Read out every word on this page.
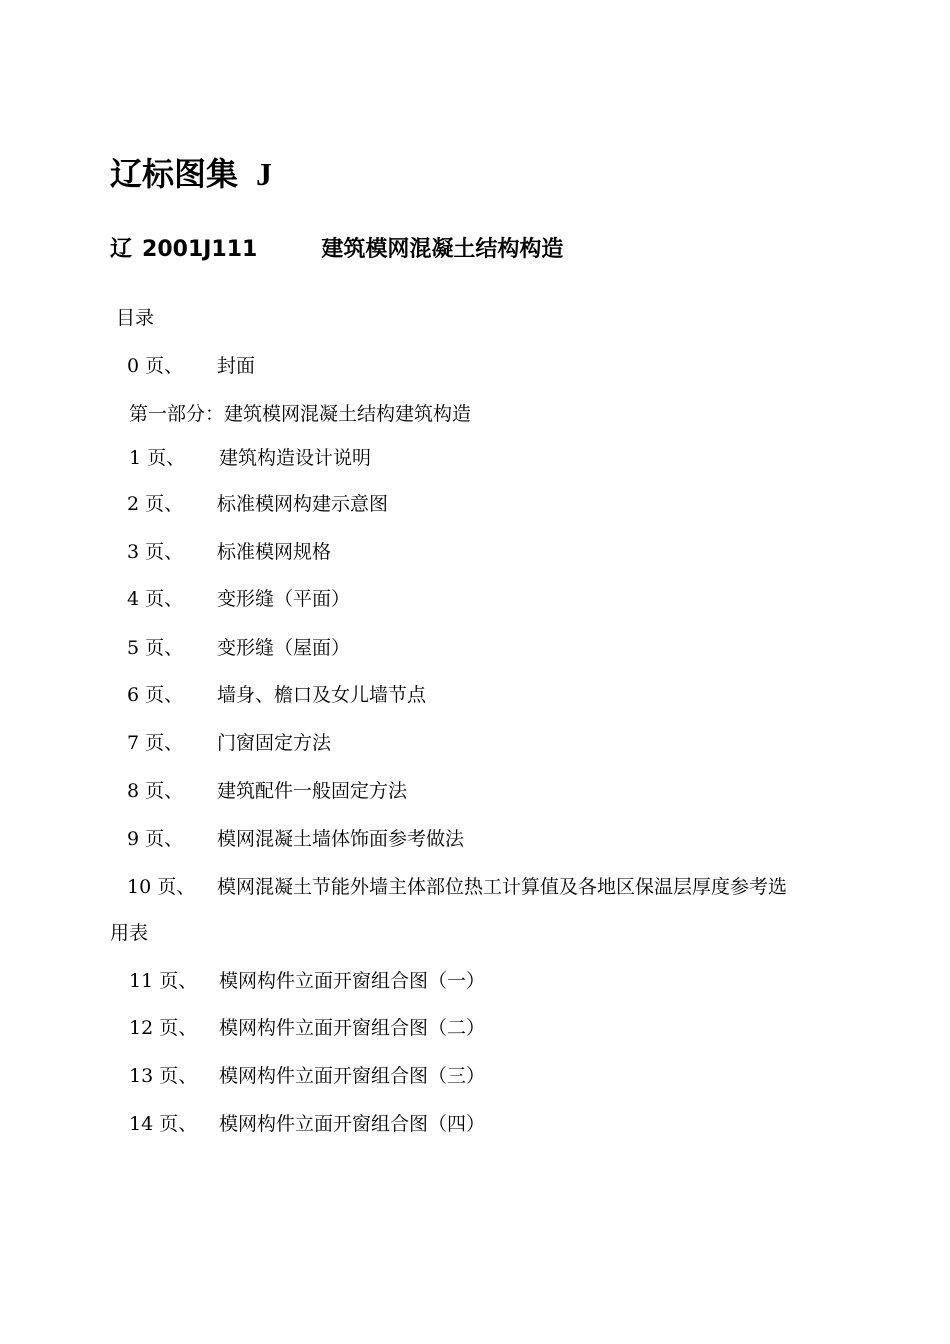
辽标图集 J
辽 2001J111	建筑模网混凝土结构构造
目录
0 页、 封面
第一部分：建筑模网混凝土结构建筑构造
1 页、 建筑构造设计说明
2 页、 标准模网构建示意图
3 页、 标准模网规格
4 页、 变形缝（平面）
5 页、 变形缝（屋面）
6 页、 墙身、檐口及女儿墙节点
7 页、 门窗固定方法
8 页、 建筑配件一般固定方法
9 页、 模网混凝土墙体饰面参考做法
10 页、 模网混凝土节能外墙主体部位热工计算值及各地区保温层厚度参考选
用表
11 页、 模网构件立面开窗组合图（一）
12 页、 模网构件立面开窗组合图（二）
13 页、 模网构件立面开窗组合图（三）
14 页、 模网构件立面开窗组合图（四）
